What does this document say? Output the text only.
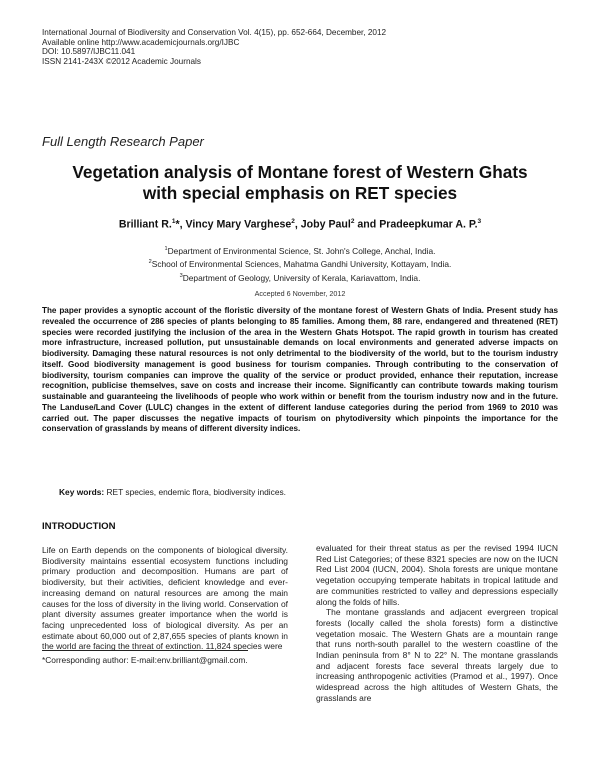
International Journal of Biodiversity and Conservation Vol. 4(15), pp. 652-664, December, 2012
Available online http://www.academicjournals.org/IJBC
DOI: 10.5897/IJBC11.041
ISSN 2141-243X ©2012 Academic Journals
Full Length Research Paper
Vegetation analysis of Montane forest of Western Ghats
with special emphasis on RET species
Brilliant R.$^1$*, Vincy Mary Varghese$^2$, Joby Paul$^2$ and Pradeepkumar A. P.$^3$
$^1$Department of Environmental Science, St. John's College, Anchal, India.
$^2$School of Environmental Sciences, Mahatma Gandhi University, Kottayam, India.
$^3$Department of Geology, University of Kerala, Kariavattom, India.
Accepted 6 November, 2012
The paper provides a synoptic account of the floristic diversity of the montane forest of Western Ghats of India. Present study has revealed the occurrence of 286 species of plants belonging to 85 families. Among them, 88 rare, endangered and threatened (RET) species were recorded justifying the inclusion of the area in the Western Ghats Hotspot. The rapid growth in tourism has created more infrastructure, increased pollution, put unsustainable demands on local environments and generated adverse impacts on biodiversity. Damaging these natural resources is not only detrimental to the biodiversity of the world, but to the tourism industry itself. Good biodiversity management is good business for tourism companies. Through contributing to the conservation of biodiversity, tourism companies can improve the quality of the service or product provided, enhance their reputation, increase recognition, publicise themselves, save on costs and increase their income. Significantly can contribute towards making tourism sustainable and guaranteeing the livelihoods of people who work within or benefit from the tourism industry now and in the future. The Landuse/Land Cover (LULC) changes in the extent of different landuse categories during the period from 1969 to 2010 was carried out. The paper discusses the negative impacts of tourism on phytodiversity which pinpoints the importance for the conservation of grasslands by means of different diversity indices.
Key words: RET species, endemic flora, biodiversity indices.
INTRODUCTION

Life on Earth depends on the components of biological diversity. Biodiversity maintains essential ecosystem functions including primary production and decomposition. Humans are part of biodiversity, but their activities, deficient knowledge and ever-increasing demand on natural resources are among the main causes for the loss of diversity in the living world. Conservation of plant diversity assumes greater importance when the world is facing unprecedented loss of biological diversity. As per an estimate about 60,000 out of 2,87,655 species of plants known in the world are facing the threat of extinction. 11,824 species were

evaluated for their threat status as per the revised 1994 IUCN Red List Categories; of these 8321 species are now on the IUCN Red List 2004 (IUCN, 2004). Shola forests are unique montane vegetation occupying temperate habitats in tropical latitude and are communities restricted to valley and depressions especially along the folds of hills.

The montane grasslands and adjacent evergreen tropical forests (locally called the shola forests) form a distinctive vegetation mosaic. The Western Ghats are a mountain range that runs north-south parallel to the western coastline of the Indian peninsula from 8° N to 22° N. The montane grasslands and adjacent forests face several threats largely due to increasing anthropogenic activities (Pramod et al., 1997). Once widespread across the high altitudes of Western Ghats, the grasslands are

*Corresponding author: E-mail:env.brilliant@gmail.com.
